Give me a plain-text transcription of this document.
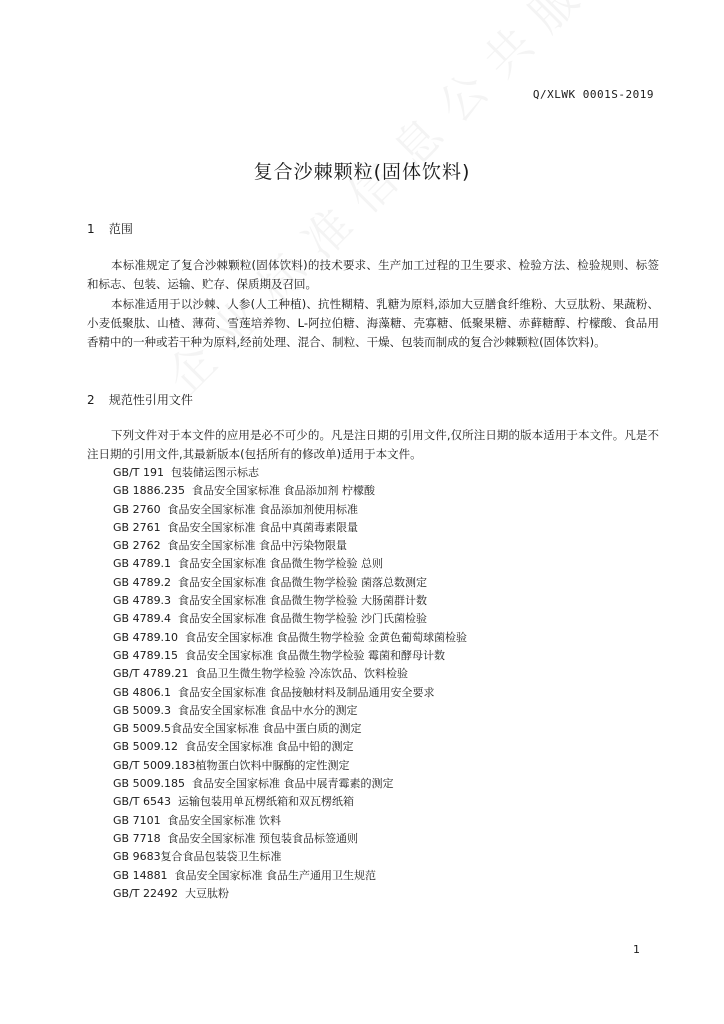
Q/XLWK 0001S-2019
复合沙棘颗粒(固体饮料)
1 范围
本标准规定了复合沙棘颗粒(固体饮料)的技术要求、生产加工过程的卫生要求、检验方法、检验规则、标签和标志、包装、运输、贮存、保质期及召回。
本标准适用于以沙棘、人参(人工种植)、抗性糊精、乳糖为原料,添加大豆膳食纤维粉、大豆肽粉、果蔬粉、小麦低聚肽、山楂、薄荷、雪莲培养物、L-阿拉伯糖、海藻糖、壳寡糖、低聚果糖、赤藓糖醇、柠檬酸、食品用香精中的一种或若干种为原料,经前处理、混合、制粒、干燥、包装而制成的复合沙棘颗粒(固体饮料)。
2 规范性引用文件
下列文件对于本文件的应用是必不可少的。凡是注日期的引用文件,仅所注日期的版本适用于本文件。凡是不注日期的引用文件,其最新版本(包括所有的修改单)适用于本文件。
GB/T 191  包装储运图示标志
GB 1886.235  食品安全国家标准 食品添加剂 柠檬酸
GB 2760  食品安全国家标准 食品添加剂使用标准
GB 2761  食品安全国家标准 食品中真菌毒素限量
GB 2762  食品安全国家标准 食品中污染物限量
GB 4789.1  食品安全国家标准 食品微生物学检验 总则
GB 4789.2  食品安全国家标准 食品微生物学检验 菌落总数测定
GB 4789.3  食品安全国家标准 食品微生物学检验 大肠菌群计数
GB 4789.4  食品安全国家标准 食品微生物学检验 沙门氏菌检验
GB 4789.10  食品安全国家标准 食品微生物学检验 金黄色葡萄球菌检验
GB 4789.15  食品安全国家标准 食品微生物学检验 霉菌和酵母计数
GB/T 4789.21  食品卫生微生物学检验 冷冻饮品、饮料检验
GB 4806.1  食品安全国家标准 食品接触材料及制品通用安全要求
GB 5009.3  食品安全国家标准 食品中水分的测定
GB 5009.5食品安全国家标准 食品中蛋白质的测定
GB 5009.12  食品安全国家标准 食品中铅的测定
GB/T 5009.183植物蛋白饮料中脲酶的定性测定
GB 5009.185  食品安全国家标准 食品中展青霉素的测定
GB/T 6543  运输包装用单瓦楞纸箱和双瓦楞纸箱
GB 7101  食品安全国家标准 饮料
GB 7718  食品安全国家标准 预包装食品标签通则
GB 9683复合食品包装袋卫生标准
GB 14881  食品安全国家标准 食品生产通用卫生规范
GB/T 22492  大豆肽粉
1
